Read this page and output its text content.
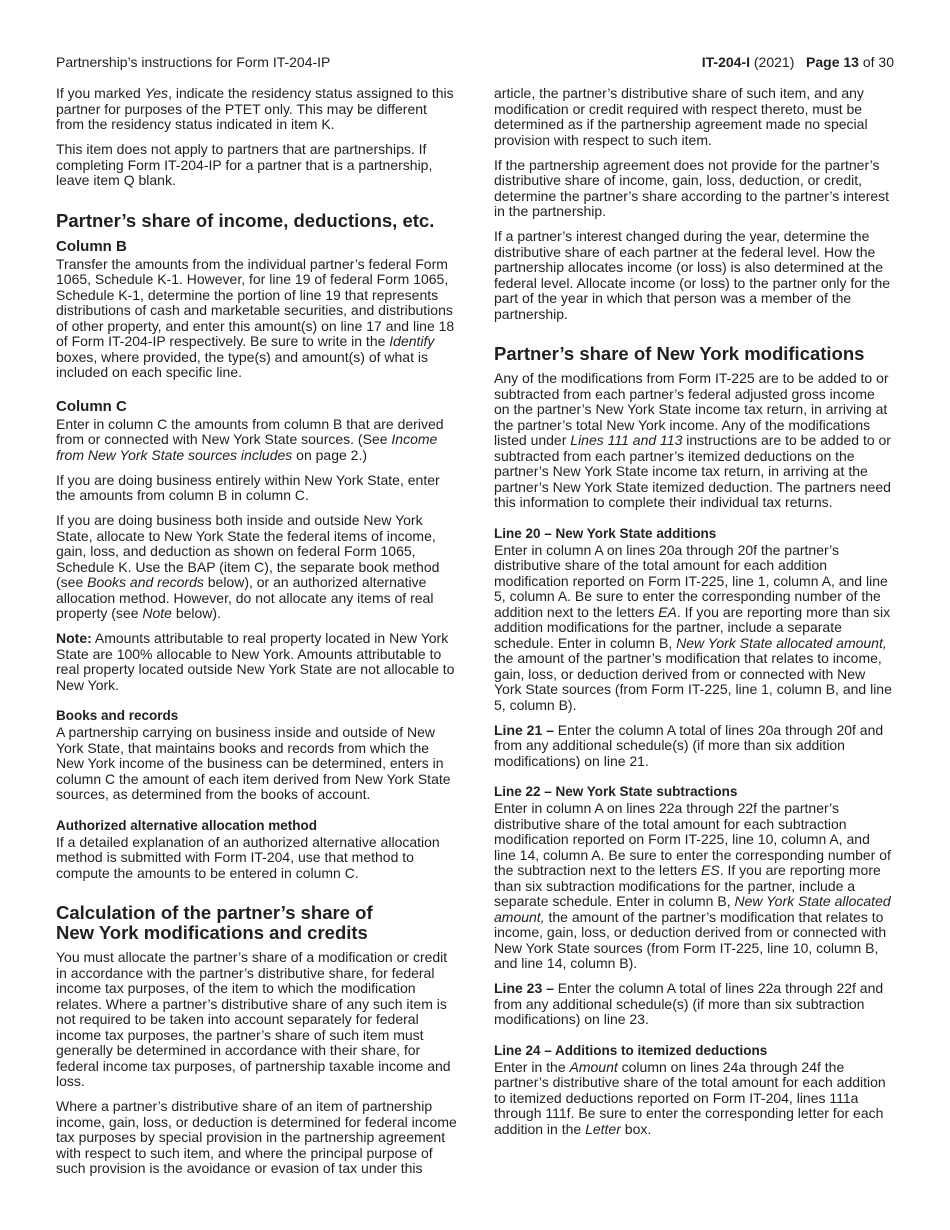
Partnership’s instructions for Form IT-204-IP	IT-204-I (2021) Page 13 of 30

If you marked Yes, indicate the residency status assigned to this partner for purposes of the PTET only. This may be different from the residency status indicated in item K.

This item does not apply to partners that are partnerships. If completing Form IT-204-IP for a partner that is a partnership, leave item Q blank.

Partner’s share of income, deductions, etc.
Column B

Transfer the amounts from the individual partner’s federal Form 1065, Schedule K-1. However, for line 19 of federal Form 1065, Schedule K-1, determine the portion of line 19 that represents distributions of cash and marketable securities, and distributions of other property, and enter this amount(s) on line 17 and line 18 of Form IT-204-IP respectively. Be sure to write in the Identify boxes, where provided, the type(s) and amount(s) of what is included on each specific line.

Column C

Enter in column C the amounts from column B that are derived from or connected with New York State sources. (See Income from New York State sources includes on page 2.)

If you are doing business entirely within New York State, enter the amounts from column B in column C.

If you are doing business both inside and outside New York State, allocate to New York State the federal items of income, gain, loss, and deduction as shown on federal Form 1065, Schedule K. Use the BAP (item C), the separate book method (see Books and records below), or an authorized alternative allocation method. However, do not allocate any items of real property (see Note below).

Note: Amounts attributable to real property located in New York State are 100% allocable to New York. Amounts attributable to real property located outside New York State are not allocable to New York.

Books and records

A partnership carrying on business inside and outside of New York State, that maintains books and records from which the New York income of the business can be determined, enters in column C the amount of each item derived from New York State sources, as determined from the books of account.

Authorized alternative allocation method

If a detailed explanation of an authorized alternative allocation method is submitted with Form IT-204, use that method to compute the amounts to be entered in column C.

Calculation of the partner’s share of
New York modifications and credits

You must allocate the partner’s share of a modification or credit in accordance with the partner’s distributive share, for federal income tax purposes, of the item to which the modification relates. Where a partner’s distributive share of any such item is not required to be taken into account separately for federal income tax purposes, the partner’s share of such item must generally be determined in accordance with their share, for federal income tax purposes, of partnership taxable income and loss.

Where a partner’s distributive share of an item of partnership income, gain, loss, or deduction is determined for federal income tax purposes by special provision in the partnership agreement with respect to such item, and where the principal purpose of such provision is the avoidance or evasion of tax under this

article, the partner’s distributive share of such item, and any modification or credit required with respect thereto, must be determined as if the partnership agreement made no special provision with respect to such item.

If the partnership agreement does not provide for the partner’s distributive share of income, gain, loss, deduction, or credit, determine the partner’s share according to the partner’s interest in the partnership.

If a partner’s interest changed during the year, determine the distributive share of each partner at the federal level. How the partnership allocates income (or loss) is also determined at the federal level. Allocate income (or loss) to the partner only for the part of the year in which that person was a member of the partnership.

Partner’s share of New York modifications

Any of the modifications from Form IT-225 are to be added to or subtracted from each partner’s federal adjusted gross income on the partner’s New York State income tax return, in arriving at the partner’s total New York income. Any of the modifications listed under Lines 111 and 113 instructions are to be added to or subtracted from each partner’s itemized deductions on the partner’s New York State income tax return, in arriving at the partner’s New York State itemized deduction. The partners need this information to complete their individual tax returns.

Line 20 – New York State additions

Enter in column A on lines 20a through 20f the partner’s distributive share of the total amount for each addition modification reported on Form IT-225, line 1, column A, and line 5, column A. Be sure to enter the corresponding number of the addition next to the letters EA. If you are reporting more than six addition modifications for the partner, include a separate schedule. Enter in column B, New York State allocated amount, the amount of the partner’s modification that relates to income, gain, loss, or deduction derived from or connected with New York State sources (from Form IT-225, line 1, column B, and line 5, column B).

Line 21 – Enter the column A total of lines 20a through 20f and from any additional schedule(s) (if more than six addition modifications) on line 21.

Line 22 – New York State subtractions

Enter in column A on lines 22a through 22f the partner’s distributive share of the total amount for each subtraction modification reported on Form IT-225, line 10, column A, and line 14, column A. Be sure to enter the corresponding number of the subtraction next to the letters ES. If you are reporting more than six subtraction modifications for the partner, include a separate schedule. Enter in column B, New York State allocated amount, the amount of the partner’s modification that relates to income, gain, loss, or deduction derived from or connected with New York State sources (from Form IT-225, line 10, column B, and line 14, column B).

Line 23 – Enter the column A total of lines 22a through 22f and from any additional schedule(s) (if more than six subtraction modifications) on line 23.

Line 24 – Additions to itemized deductions

Enter in the Amount column on lines 24a through 24f the partner’s distributive share of the total amount for each addition to itemized deductions reported on Form IT-204, lines 111a through 111f. Be sure to enter the corresponding letter for each addition in the Letter box.
